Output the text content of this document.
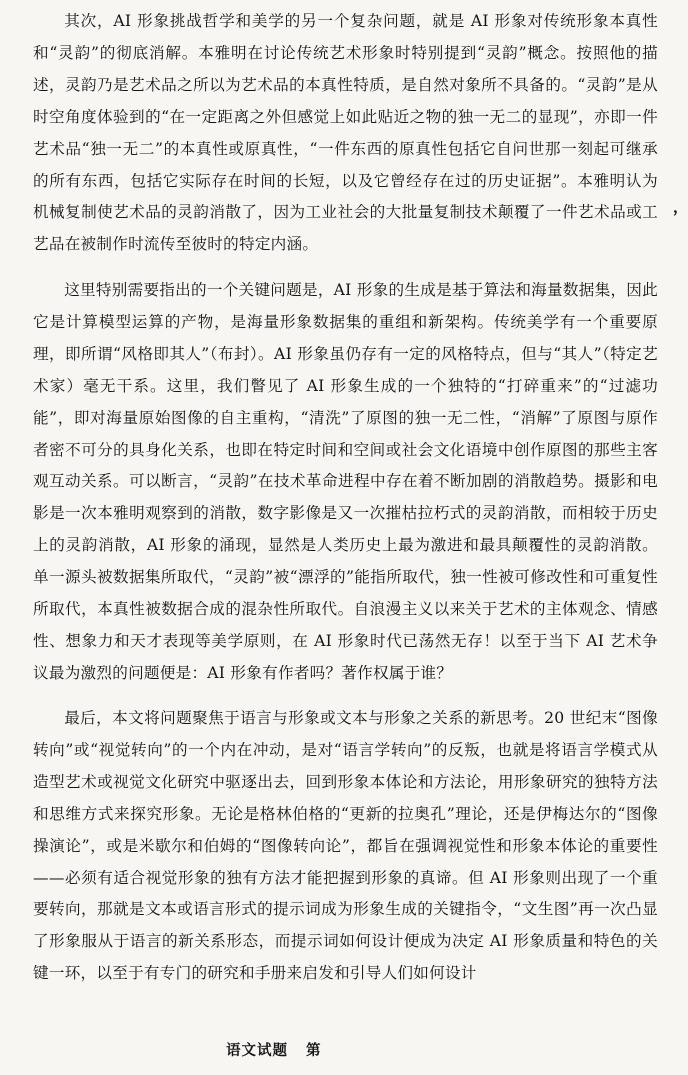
其次，AI 形象挑战哲学和美学的另一个复杂问题，就是 AI 形象对传统形象本真性和“灵韵”的彻底消解。本雅明在讨论传统艺术形象时特别提到“灵韵”概念。按照他的描述，灵韵乃是艺术品之所以为艺术品的本真性特质，是自然对象所不具备的。“灵韵”是从时空角度体验到的“在一定距离之外但感觉上如此贴近之物的独一无二的显现”，亦即一件艺术品“独一无二”的本真性或原真性，“一件东西的原真性包括它自问世那一刻起可继承的所有东西，包括它实际存在时间的长短，以及它曾经存在过的历史证据”。本雅明认为机械复制使艺术品的灵韵消散了，因为工业社会的大批量复制技术颠覆了一件艺术品或工艺品在被制作时流传至彼时的特定内涵。

这里特别需要指出的一个关键问题是，AI 形象的生成是基于算法和海量数据集，因此它是计算模型运算的产物，是海量形象数据集的重组和新架构。传统美学有一个重要原理，即所谓“风格即其人”（布封）。AI 形象虽仍存有一定的风格特点，但与“其人”（特定艺术家）毫无干系。这里，我们瞥见了 AI 形象生成的一个独特的“打碎重来”的“过滤功能”，即对海量原始图像的自主重构，“清洗”了原图的独一无二性，“消解”了原图与原作者密不可分的具身化关系，也即在特定时间和空间或社会文化语境中创作原图的那些主客观互动关系。可以断言，“灵韵”在技术革命进程中存在着不断加剧的消散趋势。摄影和电影是一次本雅明观察到的消散，数字影像是又一次摧枯拉朽式的灵韵消散，而相较于历史上的灵韵消散，AI 形象的涌现，显然是人类历史上最为激进和最具颠覆性的灵韵消散。单一源头被数据集所取代，“灵韵”被“漂浮的”能指所取代，独一性被可修改性和可重复性所取代，本真性被数据合成的混杂性所取代。自浪漫主义以来关于艺术的主体观念、情感性、想象力和天才表现等美学原则，在 AI 形象时代已荡然无存！以至于当下 AI 艺术争议最为激烈的问题便是：AI 形象有作者吗？著作权属于谁？

最后，本文将问题聚焦于语言与形象或文本与形象之关系的新思考。20 世纪末“图像转向”或“视觉转向”的一个内在冲动，是对“语言学转向”的反叛，也就是将语言学模式从造型艺术或视觉文化研究中驱逐出去，回到形象本体论和方法论，用形象研究的独特方法和思维方式来探究形象。无论是格林伯格的“更新的拉奥孔”理论，还是伊梅达尔的“图像操演论”，或是米歇尔和伯姆的“图像转向论”，都旨在强调视觉性和形象本体论的重要性——必须有适合视觉形象的独有方法才能把握到形象的真谛。但 AI 形象则出现了一个重要转向，那就是文本或语言形式的提示词成为形象生成的关键指令，“文生图”再一次凸显了形象服从于语言的新关系形态，而提示词如何设计便成为决定 AI 形象质量和特色的关键一环，以至于有专门的研究和手册来启发和引导人们如何设计

，
语文试题 第
